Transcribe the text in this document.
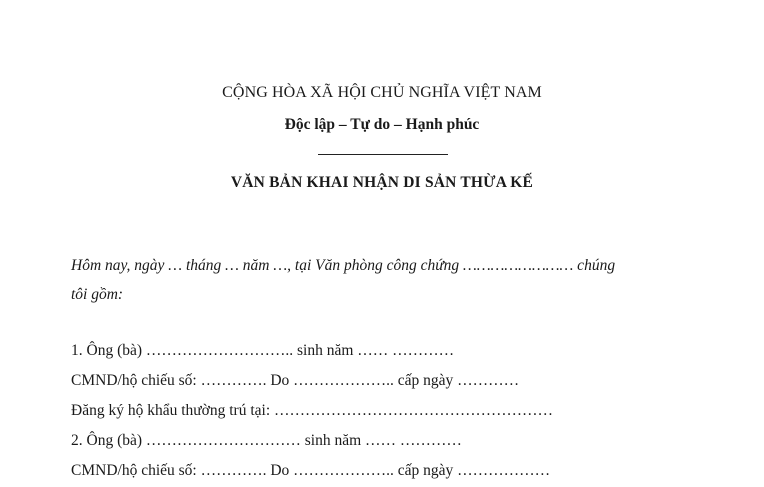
CỘNG HÒA XÃ HỘI CHỦ NGHĨA VIỆT NAM
Độc lập – Tự do – Hạnh phúc
VĂN BẢN KHAI NHẬN DI SẢN THỪA KẾ
Hôm nay, ngày … tháng … năm …, tại Văn phòng công chứng …………………… chúng
tôi gồm:
1. Ông (bà) ……………………….. sinh năm …… …………
CMND/hộ chiếu số: …………. Do ……………….. cấp ngày …………
Đăng ký hộ khẩu thường trú tại: ………………………………………………
2. Ông (bà) ………………………… sinh năm …… …………
CMND/hộ chiếu số: …………. Do ……………….. cấp ngày ………………
